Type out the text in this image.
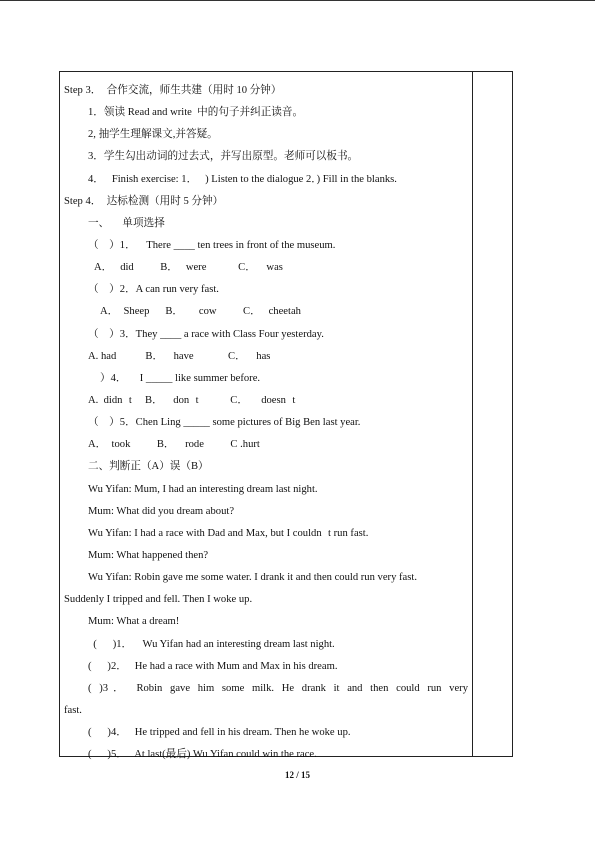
Step 3．  合作交流，师生共建（用时 10 分钟）
1．领读 Read and write  中的句子并纠正读音。
2, 抽学生理解课文,并答疑。
3．学生勾出动词的过去式，并写出原型。老师可以板书。
4．   Finish exercise: 1．   ) Listen to the dialogue 2．) Fill in the blanks.
Step 4．  达标检测（用时 5 分钟）
一、     单项选择
（    ）1．    There ____ ten trees in front of the museum.
A．   did          B．   were            C．    was
（    ）2．A can run very fast.
A．  Sheep      B．      cow          C．   cheetah
（    ）3．They ____ a race with Class Four yesterday.
A. had           B．    have             C．    has
）4．     I _____ like summer before.
A.  didnt     B．    dont            C．     doesnt
（    ）5．Chen Ling _____ some pictures of Big Ben last year.
A．  took          B．    rode          C .hurt
二、判断正（A）误（B）
Wu Yifan: Mum, I had an interesting dream last night.
Mum: What did you dream about?
Wu Yifan: I had a race with Dad and Max, but I couldnt run fast.
Mum: What happened then?
Wu Yifan: Robin gave me some water. I drank it and then could run very fast.
Suddenly I tripped and fell. Then I woke up.
Mum: What a dream!
(      )1．    Wu Yifan had an interesting dream last night.
(      )2．   He had a race with Mum and Max in his dream.
( )3． Robin gave him some milk. He drank it and then could run very
fast.
(      )4．   He tripped and fell in his dream. Then he woke up.
(      )5．   At last(最后) Wu Yifan could win the race.
12 / 15
